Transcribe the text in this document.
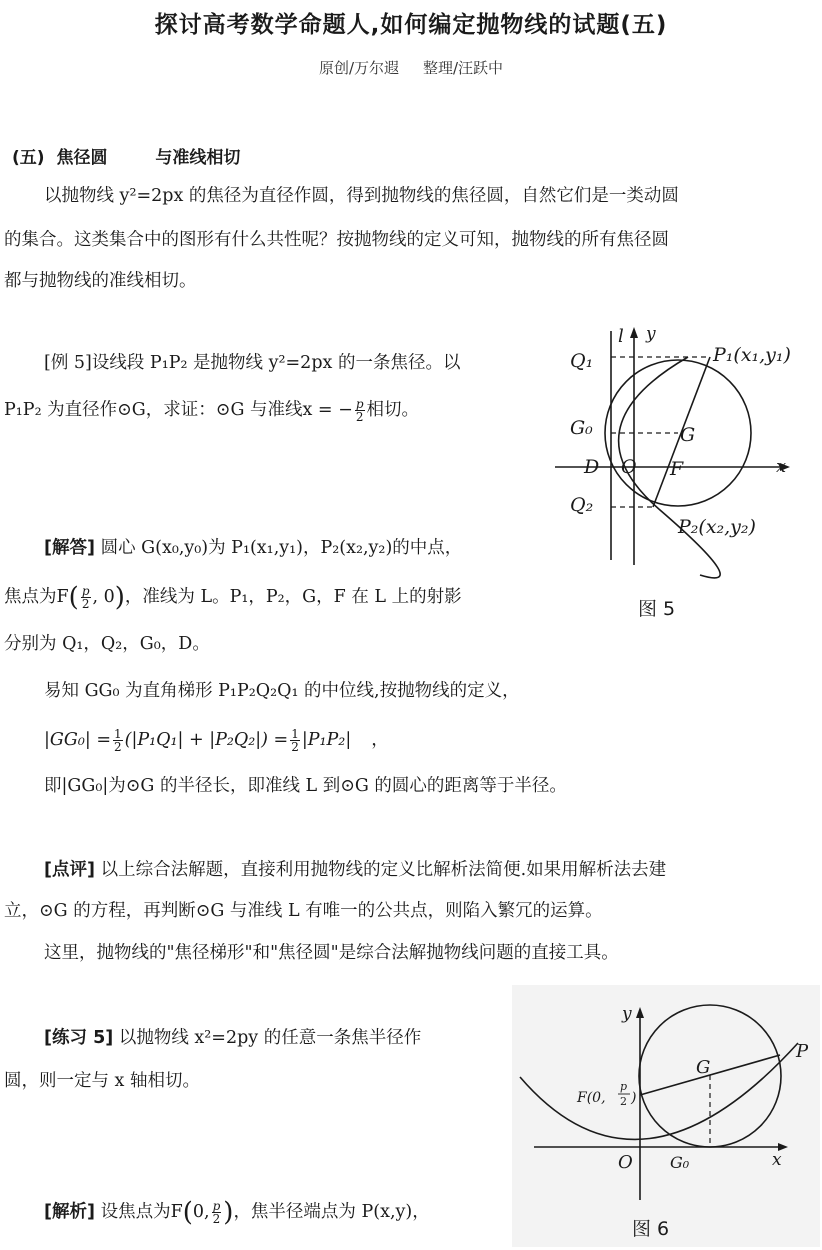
探讨高考数学命题人,如何编定抛物线的试题(五)
原创/万尔遐 整理/汪跃中
(五) 焦径圆	与准线相切
以抛物线 y²=2px 的焦径为直径作圆，得到抛物线的焦径圆，自然它们是一类动圆
的集合。这类集合中的图形有什么共性呢？按抛物线的定义可知，抛物线的所有焦径圆
都与抛物线的准线相切。
[例 5]设线段 P₁P₂ 是抛物线 y²=2px 的一条焦径。以
P₁P₂ 为直径作⊙G，求证：⊙G 与准线x = − $\frac{p}{2}$ 相切。
l y
x
Q₁	P₁(x₁,y₁)
G₀	G
D O F
Q₂
P₂(x₂,y₂)
图 5
[解答] 圆心 G(x₀,y₀)为 P₁(x₁,y₁)，P₂(x₂,y₂)的中点，
焦点为$F( \frac{p}{2}$ , 0)，准线为 L。P₁，P₂，G，F 在 L 上的射影
分别为 Q₁，Q₂，G₀，D。
易知 GG₀ 为直角梯形 P₁P₂Q₂Q₁ 的中位线,按抛物线的定义，
$|GG_0| = \frac{1}{2} (|P_1Q_1| + |P_2Q_2|) = \frac{1}{2} |P_1P_2|$ ，
即|GG₀|为⊙G 的半径长，即准线 L 到⊙G 的圆心的距离等于半径。
[点评] 以上综合法解题，直接利用抛物线的定义比解析法简便.如果用解析法去建
立，⊙G 的方程，再判断⊙G 与准线 L 有唯一的公共点，则陷入繁冗的运算。
这里，抛物线的"焦径梯形"和"焦径圆"是综合法解抛物线问题的直接工具。
[练习 5] 以抛物线 x²=2py 的任意一条焦半径作
圆，则一定与 x 轴相切。
[解析] 设焦点为F(0, $\frac{p}{2}$ )，焦半径端点为 P(x,y)，
y
x
P
G
O G₀
F(0,
p
2 )
图 6
